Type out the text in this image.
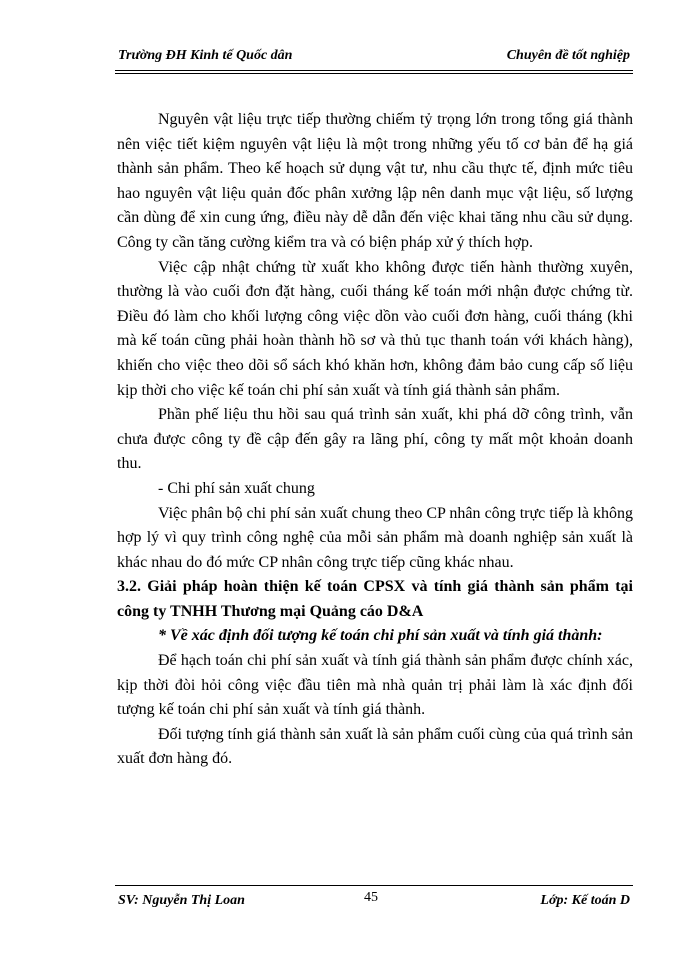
Trường ĐH Kinh tế Quốc dân	Chuyên đề tốt nghiệp

Nguyên vật liệu trực tiếp thường chiếm tỷ trọng lớn trong tổng giá thành nên việc tiết kiệm nguyên vật liệu là một trong những yếu tố cơ bản để hạ giá thành sản phẩm. Theo kế hoạch sử dụng vật tư, nhu cầu thực tế, định mức tiêu hao nguyên vật liệu quản đốc phân xưởng lập nên danh mục vật liệu, số lượng cần dùng để xin cung ứng, điều này dễ dẫn đến việc khai tăng nhu cầu sử dụng. Công ty cần tăng cường kiểm tra và có biện pháp xử ý thích hợp.

Việc cập nhật chứng từ xuất kho không được tiến hành thường xuyên, thường là vào cuối đơn đặt hàng, cuối tháng kế toán mới nhận được chứng từ. Điều đó làm cho khối lượng công việc dồn vào cuối đơn hàng, cuối tháng (khi mà kế toán cũng phải hoàn thành hồ sơ và thủ tục thanh toán với khách hàng), khiến cho việc theo dõi sổ sách khó khăn hơn, không đảm bảo cung cấp số liệu kịp thời cho việc kế toán chi phí sản xuất và tính giá thành sản phẩm.

Phần phế liệu thu hồi sau quá trình sản xuất, khi phá dỡ công trình, vẫn chưa được công ty đề cập đến gây ra lãng phí, công ty mất một khoản doanh thu.

- Chi phí sản xuất chung

Việc phân bộ chi phí sản xuất chung theo CP nhân công trực tiếp là không hợp lý vì quy trình công nghệ của mỗi sản phẩm mà doanh nghiệp sản xuất là khác nhau do đó mức CP nhân công trực tiếp cũng khác nhau.

3.2. Giải pháp hoàn thiện kế toán CPSX và tính giá thành sản phẩm tại công ty TNHH Thương mại Quảng cáo D&A

* Về xác định đối tượng kế toán chi phí sản xuất và tính giá thành:

Để hạch toán chi phí sản xuất và tính giá thành sản phẩm được chính xác, kịp thời đòi hỏi công việc đầu tiên mà nhà quản trị phải làm là xác định đối tượng kế toán chi phí sản xuất và tính giá thành.

Đối tượng tính giá thành sản xuất là sản phẩm cuối cùng của quá trình sản xuất đơn hàng đó.

SV: Nguyễn Thị Loan	45	Lớp: Kế toán D
